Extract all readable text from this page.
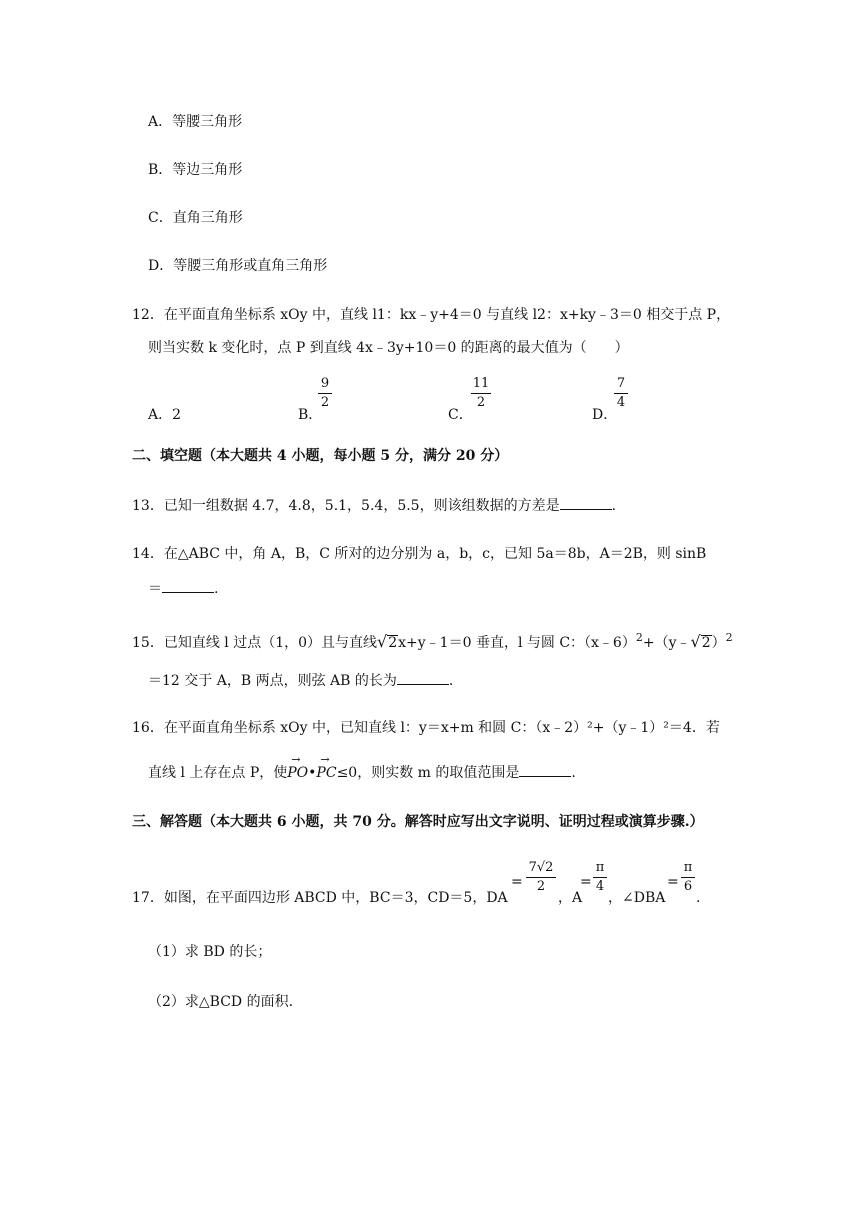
A．等腰三角形
B．等边三角形
C．直角三角形
D．等腰三角形或直角三角形
12．在平面直角坐标系 xOy 中，直线 l1：kx﹣y+4＝0 与直线 l2：x+ky﹣3＝0 相交于点 P，
则当实数 k 变化时，点 P 到直线 4x﹣3y+10＝0 的距离的最大值为（　　）
A．2	B．
9
2
C．
11
2
D．
7
4
二、填空题（本大题共 4 小题，每小题 5 分，满分 20 分）
13．已知一组数据 4.7，4.8，5.1，5.4，5.5，则该组数据的方差是	.
14．在△ABC 中，角 A，B，C 所对的边分别为 a，b，c，已知 5a＝8b，A＝2B，则 sinB
＝	.
15．已知直线 l 过点（1，0）且与直线√2x+y﹣1＝0 垂直，l 与圆 C：（x﹣6）$^2$+（y﹣√2）$^2$
＝12 交于 A，B 两点，则弦 AB 的长为	.
16．在平面直角坐标系 xOy 中，已知直线 l：y＝x+m 和圆 C：（x﹣2）²+（y﹣1）²＝4．若
直线 l 上存在点 P，使
→
PO•
→
PC≤0，则实数 m 的取值范围是	.
三、解答题（本大题共 6 小题，共 70 分。解答时应写出文字说明、证明过程或演算步骤.）
17．如图，在平面四边形 ABCD 中，BC＝3，CD＝5，DA
=
7√2
2
，A
=
π
4
，∠DBA
=
π
6
.
（1）求 BD 的长；
（2）求△BCD 的面积.
